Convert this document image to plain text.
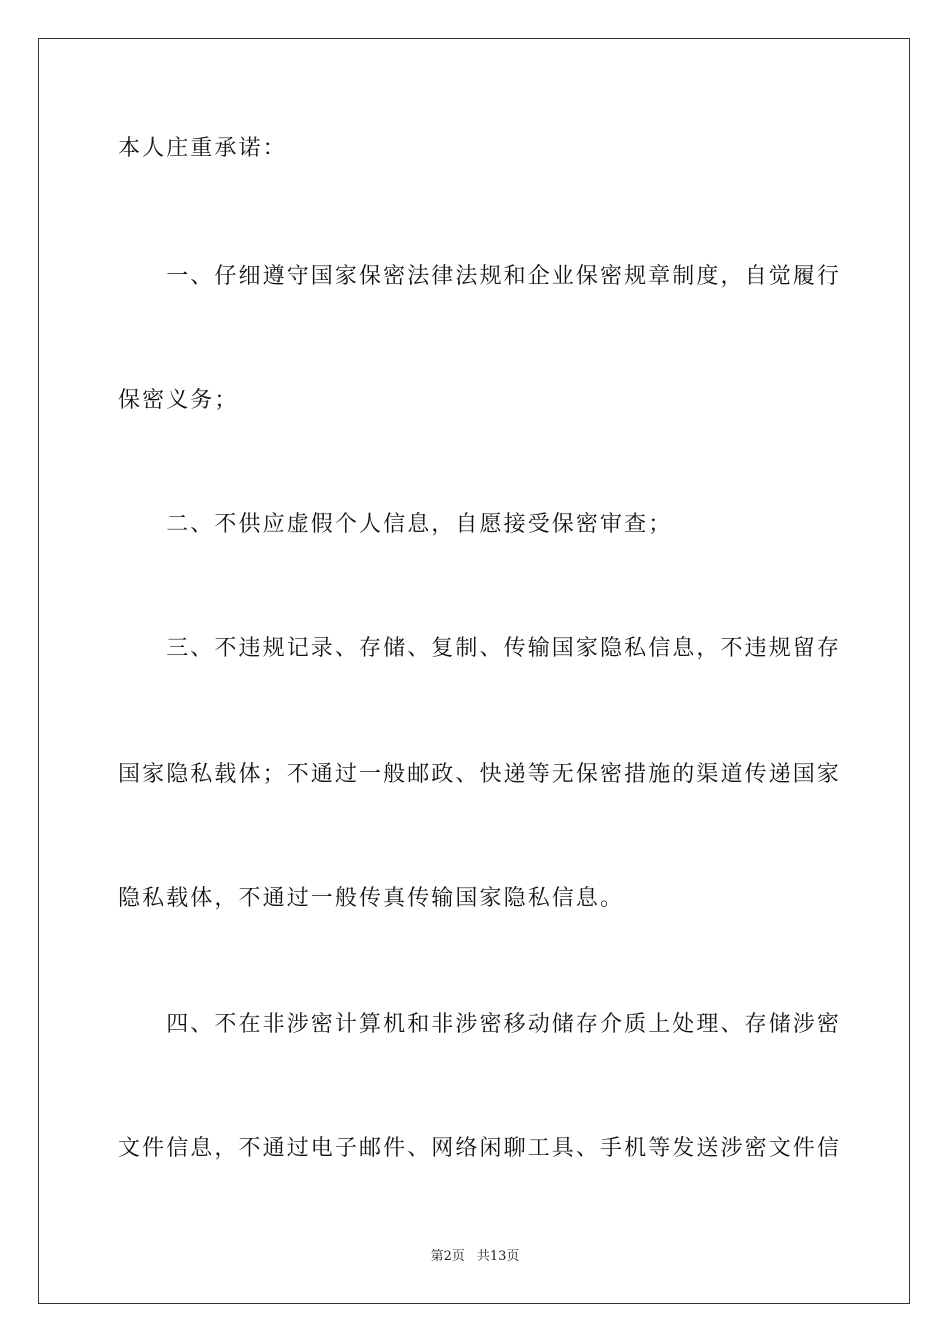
本人庄重承诺：
　　一、仔细遵守国家保密法律法规和企业保密规章制度，自觉履行
保密义务；
　　二、不供应虚假个人信息，自愿接受保密审查；
　　三、不违规记录、存储、复制、传输国家隐私信息，不违规留存
国家隐私载体；不通过一般邮政、快递等无保密措施的渠道传递国家
隐私载体，不通过一般传真传输国家隐私信息。
　　四、不在非涉密计算机和非涉密移动储存介质上处理、存储涉密
文件信息，不通过电子邮件、网络闲聊工具、手机等发送涉密文件信
第2页 共13页
